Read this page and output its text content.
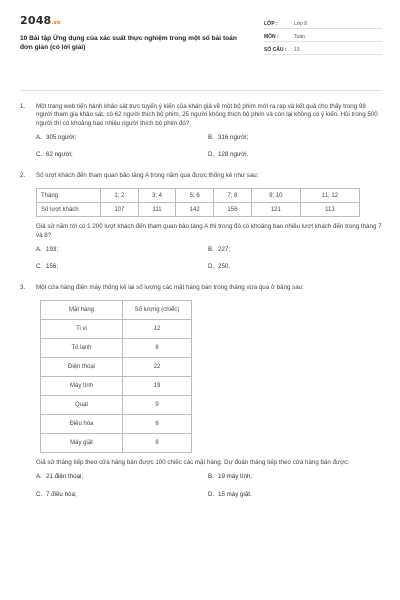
2048.vn
10 Bài tập Ứng dụng của xác suất thực nghiệm trong một số bài toán đơn giản (có lời giải)
LỚP :	Lớp 8
MÔN :	Toán
SỐ CÂU :	10
1.	Một trang web tiến hành khảo sát trực tuyến ý kiến của khán giả về một bộ phim mới ra rạp và kết quả cho thấy trong 98 người tham gia khảo sát, có 62 người thích bộ phim, 25 người không thích bộ phim và còn lại không có ý kiến. Hỏi trong 500 người thì có khoảng bao nhiêu người thích bộ phim đó?
A. 305 người;	B. 316 người;
C. 62 người;	D. 128 người.
2.	Số lượt khách đến tham quan bảo tàng A trong năm qua được thống kê như sau:
Tháng	1; 2	3; 4	5; 6	7; 8	9; 10	11; 12
Số lượt khách	107	111	142	156	121	113
Giả sử năm tới có 1 200 lượt khách đến tham quan bảo tàng A thì trong đó có khoảng bao nhiêu lượt khách đến trong tháng 7 và 8?
A. 193;	B. 227;
C. 156;	D. 250.
3.	Một cửa hàng điện máy thống kê lại số lượng các mặt hàng bán trong tháng vừa qua ở bảng sau:
Mặt hàng	Số lượng (chiếc)
Ti vi	12
Tủ lạnh	8
Điện thoại	22
Máy tính	19
Quạt	9
Điều hòa	6
Máy giặt	8
Giả sử tháng tiếp theo cửa hàng bán được 100 chiếc các mặt hàng. Dự đoán tháng tiếp theo cửa hàng bán được:
A. 21 điện thoại;	B. 19 máy tính;
C. 7 điều hòa;	D. 15 máy giặt.
